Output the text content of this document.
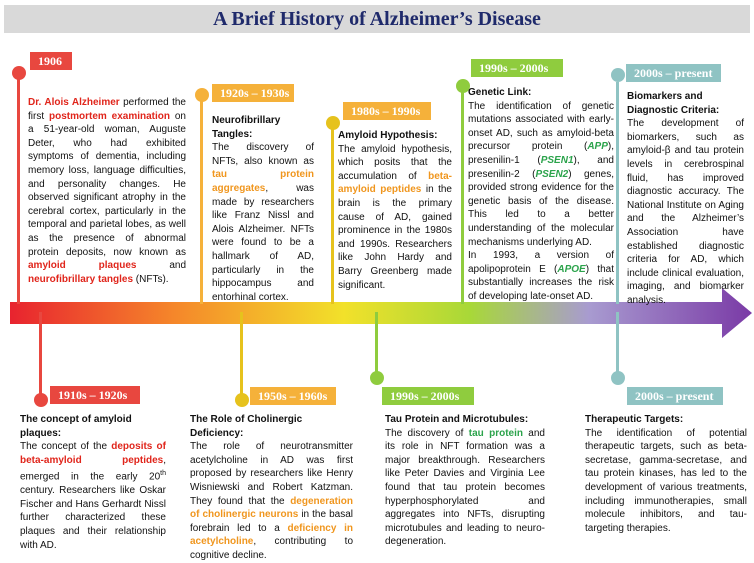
A Brief History of Alzheimer’s Disease
1906
Dr. Alois Alzheimer performed the first postmortem examination on a 51-year-old woman, Auguste Deter, who had exhibited symptoms of dementia, including memory loss, language difficulties, and personality changes. He observed significant atrophy in the cerebral cortex, particularly in the temporal and parietal lobes, as well as the presence of abnormal protein deposits, now known as amyloid plaques and neurofibrillary tangles (NFTs).
1920s – 1930s
Neurofibrillary Tangles:
The discovery of NFTs, also known as tau protein aggregates, was made by researchers like Franz Nissl and Alois Alzheimer. NFTs were found to be a hallmark of AD, particularly in the hippocampus and entorhinal cortex.
1980s – 1990s
Amyloid Hypothesis:
The amyloid hypothesis, which posits that the accumulation of beta-amyloid peptides in the brain is the primary cause of AD, gained prominence in the 1980s and 1990s. Researchers like John Hardy and Barry Greenberg made significant.
1990s – 2000s
Genetic Link:
The identification of genetic mutations associated with early-onset AD, such as amyloid-beta precursor protein (APP), presenilin-1 (PSEN1), and presenilin-2 (PSEN2) genes, provided strong evidence for the genetic basis of the disease. This led to a better understanding of the molecular mechanisms underlying AD.
In 1993, a version of apolipoprotein E (APOE) that substantially increases the risk of developing late-onset AD.
2000s – present
Biomarkers and Diagnostic Criteria:
The development of biomarkers, such as amyloid-β and tau protein levels in cerebrospinal fluid, has improved diagnostic accuracy. The National Institute on Aging and the Alzheimer’s Association have established diagnostic criteria for AD, which include clinical evaluation, imaging, and biomarker analysis.
1910s – 1920s
The concept of amyloid plaques:
The concept of the deposits of beta-amyloid peptides, emerged in the early 20th century. Researchers like Oskar Fischer and Hans Gerhardt Nissl further characterized these plaques and their relationship with AD.
1950s – 1960s
The Role of Cholinergic Deficiency:
The role of neurotransmitter acetylcholine in AD was first proposed by researchers like Henry Wisniewski and Robert Katzman. They found that the degeneration of cholinergic neurons in the basal forebrain led to a deficiency in acetylcholine, contributing to cognitive decline.
1990s – 2000s
Tau Protein and Microtubules:
The discovery of tau protein and its role in NFT formation was a major breakthrough. Researchers like Peter Davies and Virginia Lee found that tau protein becomes hyperphosphorylated and aggregates into NFTs, disrupting microtubules and leading to neuro-degeneration.
2000s – present
Therapeutic Targets:
The identification of potential therapeutic targets, such as beta-secretase, gamma-secretase, and tau protein kinases, has led to the development of various treatments, including immunotherapies, small molecule inhibitors, and tau-targeting therapies.
